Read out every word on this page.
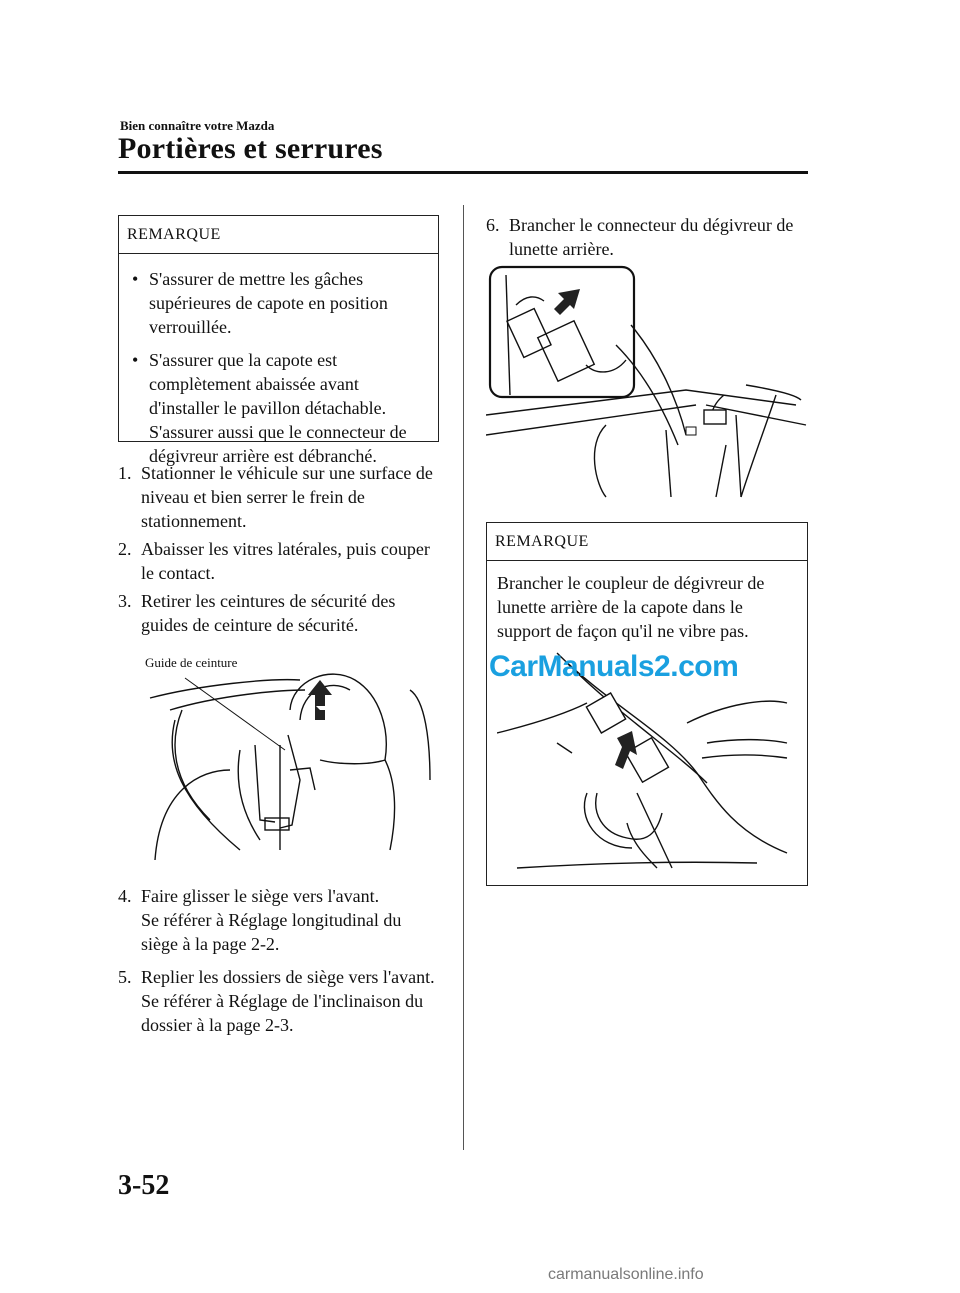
Bien connaître votre Mazda
Portières et serrures
REMARQUE
• S'assurer de mettre les gâches supérieures de capote en position verrouillée.
• S'assurer que la capote est complètement abaissée avant d'installer le pavillon détachable. S'assurer aussi que le connecteur de dégivreur arrière est débranché.
1. Stationner le véhicule sur une surface de niveau et bien serrer le frein de stationnement.
2. Abaisser les vitres latérales, puis couper le contact.
3. Retirer les ceintures de sécurité des guides de ceinture de sécurité.
Guide de ceinture
4. Faire glisser le siège vers l'avant.
Se référer à Réglage longitudinal du siège à la page 2-2.
5. Replier les dossiers de siège vers l'avant.
Se référer à Réglage de l'inclinaison du dossier à la page 2-3.
6. Brancher le connecteur du dégivreur de lunette arrière.
REMARQUE
Brancher le coupleur de dégivreur de lunette arrière de la capote dans le support de façon qu'il ne vibre pas.
CarManuals2.com
3-52
carmanualsonline.info
